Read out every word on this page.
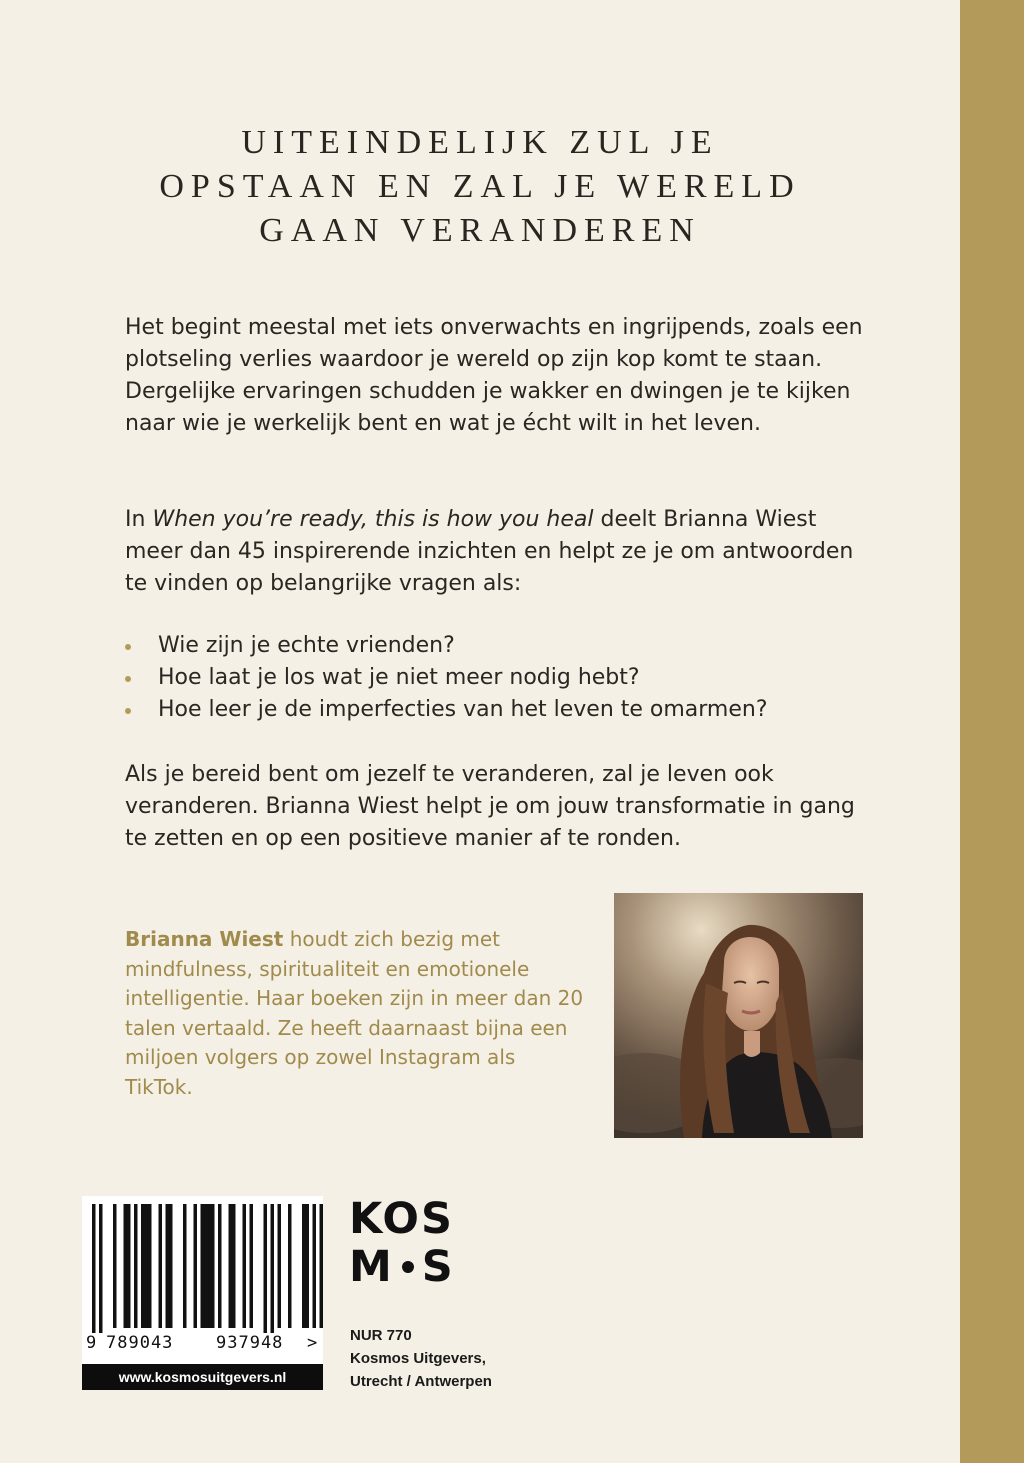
UITEINDELIJK ZUL JE
OPSTAAN EN ZAL JE WERELD
GAAN VERANDEREN

Het begint meestal met iets onverwachts en ingrijpends, zoals een plotseling verlies waardoor je wereld op zijn kop komt te staan. Dergelijke ervaringen schudden je wakker en dwingen je te kijken naar wie je werkelijk bent en wat je écht wilt in het leven.

In When you’re ready, this is how you heal deelt Brianna Wiest meer dan 45 inspirerende inzichten en helpt ze je om antwoorden te vinden op belangrijke vragen als:

Wie zijn je echte vrienden?
Hoe laat je los wat je niet meer nodig hebt?
Hoe leer je de imperfecties van het leven te omarmen?

Als je bereid bent om jezelf te veranderen, zal je leven ook veranderen. Brianna Wiest helpt je om jouw transformatie in gang te zetten en op een positieve manier af te ronden.

Brianna Wiest houdt zich bezig met mindfulness, spiritualiteit en emotionele intelligentie. Haar boeken zijn in meer dan 20 talen vertaald. Ze heeft daarnaast bijna een miljoen volgers op zowel Instagram als TikTok.

9 789043	937948 >
www.kosmosuitgevers.nl
KOS
M S
NUR 770
Kosmos Uitgevers,
Utrecht / Antwerpen
